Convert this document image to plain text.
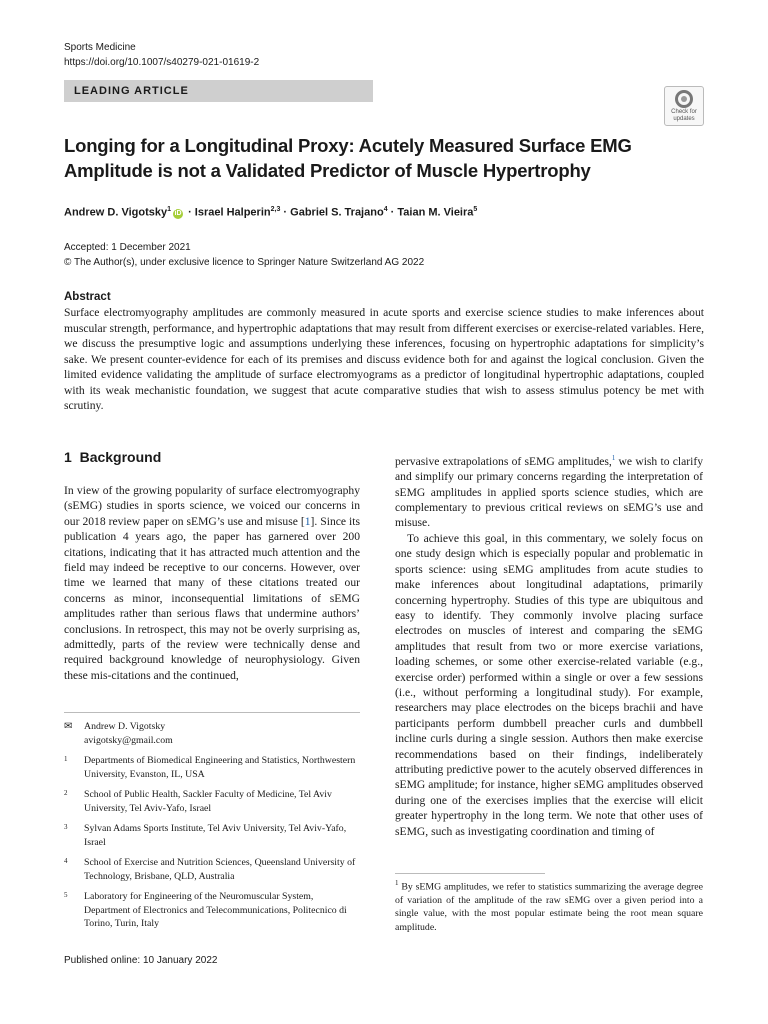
Sports Medicine
https://doi.org/10.1007/s40279-021-01619-2
LEADING ARTICLE
Check for
updates
Longing for a Longitudinal Proxy: Acutely Measured Surface EMG Amplitude is not a Validated Predictor of Muscle Hypertrophy
Andrew D. Vigotsky$^1$iD · Israel Halperin$^{2,3}$ · Gabriel S. Trajano$^4$ · Taian M. Vieira$^5$
Accepted: 1 December 2021
© The Author(s), under exclusive licence to Springer Nature Switzerland AG 2022
Abstract

Surface electromyography amplitudes are commonly measured in acute sports and exercise science studies to make inferences about muscular strength, performance, and hypertrophic adaptations that may result from different exercises or exercise-related variables. Here, we discuss the presumptive logic and assumptions underlying these inferences, focusing on hypertrophic adaptations for simplicity’s sake. We present counter-evidence for each of its premises and discuss evidence both for and against the logical conclusion. Given the limited evidence validating the amplitude of surface electromyograms as a predictor of longitudinal hypertrophic adaptations, coupled with its weak mechanistic foundation, we suggest that acute comparative studies that wish to assess stimulus potency be met with scrutiny.

1 Background

In view of the growing popularity of surface electromyography (sEMG) studies in sports science, we voiced our concerns in our 2018 review paper on sEMG’s use and misuse [1]. Since its publication 4 years ago, the paper has garnered over 200 citations, indicating that it has attracted much attention and the field may indeed be receptive to our concerns. However, over time we learned that many of these citations treated our concerns as minor, inconsequential limitations of sEMG amplitudes rather than serious flaws that undermine authors’ conclusions. In retrospect, this may not be overly surprising as, admittedly, parts of the review were technically dense and required background knowledge of neurophysiology. Given these mis-citations and the continued,

✉	Andrew D. Vigotsky
avigotsky@gmail.com
1	Departments of Biomedical Engineering and Statistics, Northwestern University, Evanston, IL, USA
2	School of Public Health, Sackler Faculty of Medicine, Tel Aviv University, Tel Aviv-Yafo, Israel
3	Sylvan Adams Sports Institute, Tel Aviv University, Tel Aviv-Yafo, Israel
4	School of Exercise and Nutrition Sciences, Queensland University of Technology, Brisbane, QLD, Australia
5	Laboratory for Engineering of the Neuromuscular System, Department of Electronics and Telecommunications, Politecnico di Torino, Turin, Italy

pervasive extrapolations of sEMG amplitudes,$^1$ we wish to clarify and simplify our primary concerns regarding the interpretation of sEMG amplitudes in applied sports science studies, which are complementary to previous critical reviews on sEMG’s use and misuse.

To achieve this goal, in this commentary, we solely focus on one study design which is especially popular and problematic in sports science: using sEMG amplitudes from acute studies to make inferences about longitudinal adaptations, primarily concerning hypertrophy. Studies of this type are ubiquitous and easy to identify. They commonly involve placing surface electrodes on muscles of interest and comparing the sEMG amplitudes that result from two or more exercise variations, loading schemes, or some other exercise-related variable (e.g., exercise order) performed within a single or over a few sessions (i.e., without performing a longitudinal study). For example, researchers may place electrodes on the biceps brachii and have participants perform dumbbell preacher curls and dumbbell incline curls during a single session. Authors then make exercise recommendations based on their findings, indeliberately attributing predictive power to the acutely observed differences in sEMG amplitude; for instance, higher sEMG amplitudes observed during one of the exercises implies that the exercise will elicit greater hypertrophy in the long term. We note that other uses of sEMG, such as investigating coordination and timing of

$^1$ By sEMG amplitudes, we refer to statistics summarizing the average degree of variation of the amplitude of the raw sEMG over a given period into a single value, with the most popular estimate being the root mean square amplitude.
Published online: 10 January 2022
